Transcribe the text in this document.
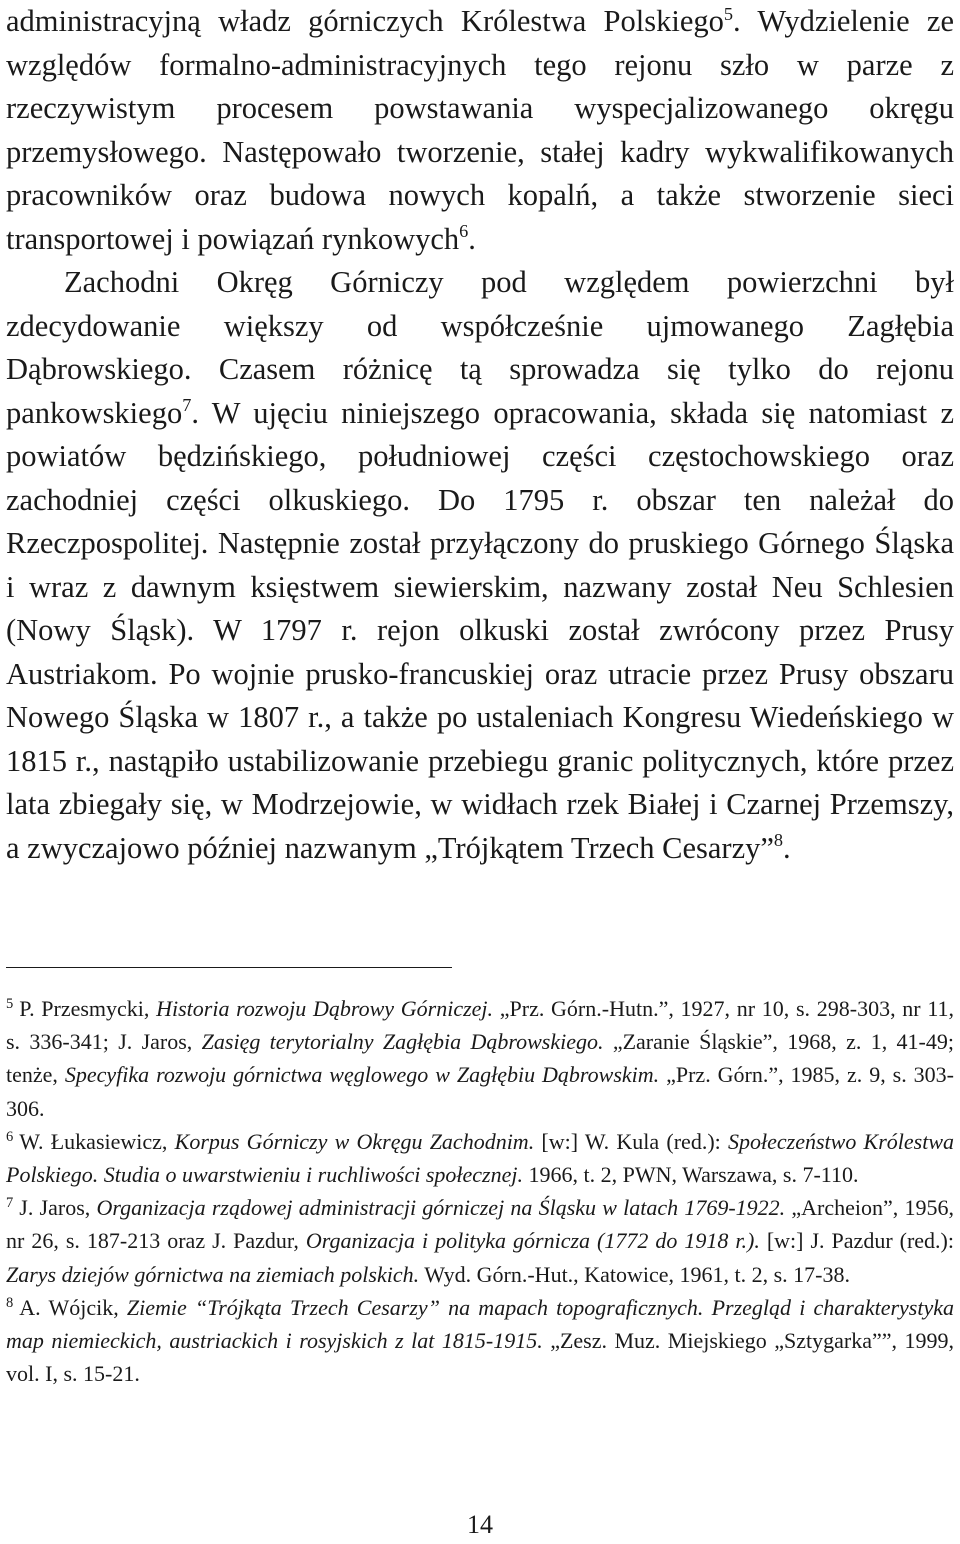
administracyjną władz górniczych Królestwa Polskiego$^5$. Wydzielenie ze względów formalno-administracyjnych tego rejonu szło w parze z rzeczywistym procesem powstawania wyspecjalizowanego okręgu przemysłowego. Następowało tworzenie, stałej kadry wykwalifikowanych pracowników oraz budowa nowych kopalń, a także stworzenie sieci transportowej i powiązań rynkowych$^6$.

Zachodni Okręg Górniczy pod względem powierzchni był zdecydowanie większy od współcześnie ujmowanego Zagłębia Dąbrowskiego. Czasem różnicę tą sprowadza się tylko do rejonu pankowskiego$^7$. W ujęciu niniejszego opracowania, składa się natomiast z powiatów będzińskiego, południowej części częstochowskiego oraz zachodniej części olkuskiego. Do 1795 r. obszar ten należał do Rzeczpospolitej. Następnie został przyłączony do pruskiego Górnego Śląska i wraz z dawnym księstwem siewierskim, nazwany został Neu Schlesien (Nowy Śląsk). W 1797 r. rejon olkuski został zwrócony przez Prusy Austriakom. Po wojnie prusko-francuskiej oraz utracie przez Prusy obszaru Nowego Śląska w 1807 r., a także po ustaleniach Kongresu Wiedeńskiego w 1815 r., nastąpiło ustabilizowanie przebiegu granic politycznych, które przez lata zbiegały się, w Modrzejowie, w widłach rzek Białej i Czarnej Przemszy, a zwyczajowo później nazwanym „Trójkątem Trzech Cesarzy”$^8$.

$^5$ P. Przesmycki, Historia rozwoju Dąbrowy Górniczej. „Prz. Górn.-Hutn.”, 1927, nr 10, s. 298-303, nr 11, s. 336-341; J. Jaros, Zasięg terytorialny Zagłębia Dąbrowskiego. „Zaranie Śląskie”, 1968, z. 1, 41-49; tenże, Specyfika rozwoju górnictwa węglowego w Zagłębiu Dąbrowskim. „Prz. Górn.”, 1985, z. 9, s. 303-306.

$^6$ W. Łukasiewicz, Korpus Górniczy w Okręgu Zachodnim. [w:] W. Kula (red.): Społeczeństwo Królestwa Polskiego. Studia o uwarstwieniu i ruchliwości społecznej. 1966, t. 2, PWN, Warszawa, s. 7-110.

$^7$ J. Jaros, Organizacja rządowej administracji górniczej na Śląsku w latach 1769-1922. „Archeion”, 1956, nr 26, s. 187-213 oraz J. Pazdur, Organizacja i polityka górnicza (1772 do 1918 r.). [w:] J. Pazdur (red.): Zarys dziejów górnictwa na ziemiach polskich. Wyd. Górn.-Hut., Katowice, 1961, t. 2, s. 17-38.

$^8$ A. Wójcik, Ziemie “Trójkąta Trzech Cesarzy” na mapach topograficznych. Przegląd i charakterystyka map niemieckich, austriackich i rosyjskich z lat 1815-1915. „Zesz. Muz. Miejskiego „Sztygarka””, 1999, vol. I, s. 15-21.

14
